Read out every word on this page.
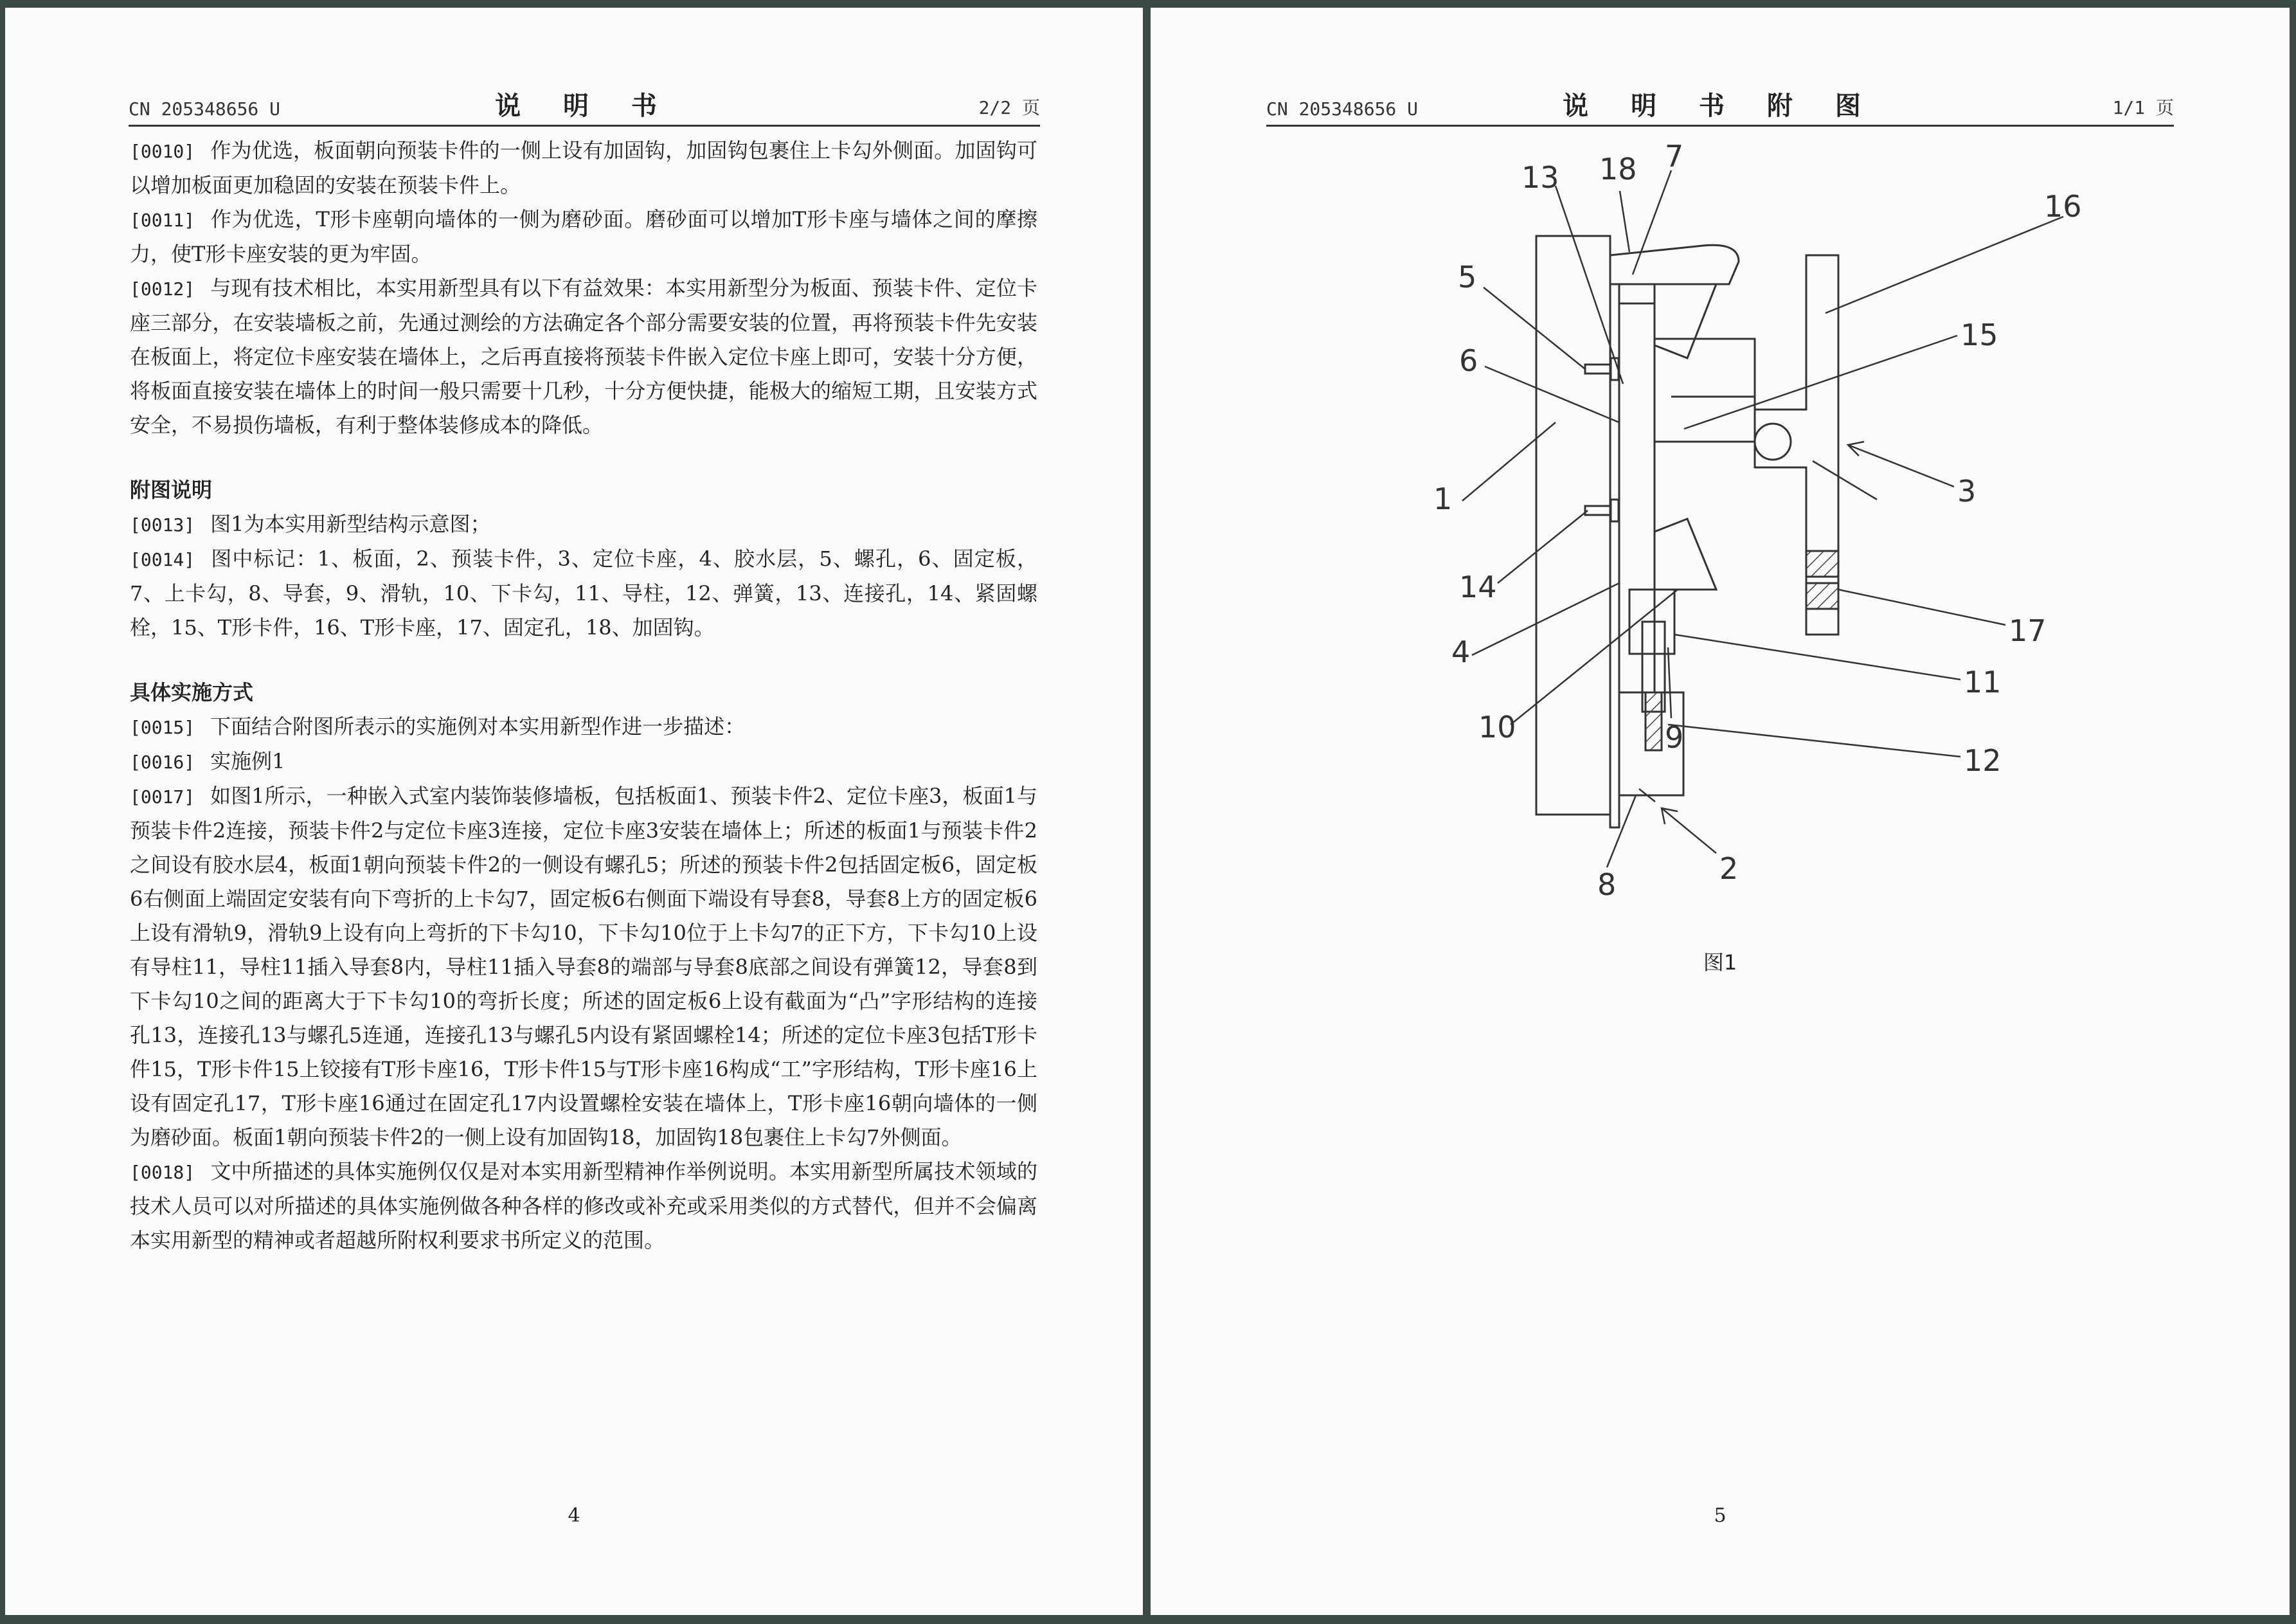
CN 205348656 U	说 明 书	2/2 页

[0010] 作为优选，板面朝向预装卡件的一侧上设有加固钩，加固钩包裹住上卡勾外侧面。加固钩可以增加板面更加稳固的安装在预装卡件上。

[0011] 作为优选，T形卡座朝向墙体的一侧为磨砂面。磨砂面可以增加T形卡座与墙体之间的摩擦力，使T形卡座安装的更为牢固。

[0012] 与现有技术相比，本实用新型具有以下有益效果：本实用新型分为板面、预装卡件、定位卡座三部分，在安装墙板之前，先通过测绘的方法确定各个部分需要安装的位置，再将预装卡件先安装在板面上，将定位卡座安装在墙体上，之后再直接将预装卡件嵌入定位卡座上即可，安装十分方便，将板面直接安装在墙体上的时间一般只需要十几秒，十分方便快捷，能极大的缩短工期，且安装方式安全，不易损伤墙板，有利于整体装修成本的降低。

附图说明

[0013] 图1为本实用新型结构示意图；

[0014] 图中标记：1、板面，2、预装卡件，3、定位卡座，4、胶水层，5、螺孔，6、固定板，7、上卡勾，8、导套，9、滑轨，10、下卡勾，11、导柱，12、弹簧，13、连接孔，14、紧固螺栓，15、T形卡件，16、T形卡座，17、固定孔，18、加固钩。

具体实施方式

[0015] 下面结合附图所表示的实施例对本实用新型作进一步描述：

[0016] 实施例1

[0017] 如图1所示，一种嵌入式室内装饰装修墙板，包括板面1、预装卡件2、定位卡座3，板面1与预装卡件2连接，预装卡件2与定位卡座3连接，定位卡座3安装在墙体上；所述的板面1与预装卡件2之间设有胶水层4，板面1朝向预装卡件2的一侧设有螺孔5；所述的预装卡件2包括固定板6，固定板6右侧面上端固定安装有向下弯折的上卡勾7，固定板6右侧面下端设有导套8，导套8上方的固定板6上设有滑轨9，滑轨9上设有向上弯折的下卡勾10，下卡勾10位于上卡勾7的正下方，下卡勾10上设有导柱11，导柱11插入导套8内，导柱11插入导套8的端部与导套8底部之间设有弹簧12，导套8到下卡勾10之间的距离大于下卡勾10的弯折长度；所述的固定板6上设有截面为“凸”字形结构的连接孔13，连接孔13与螺孔5连通，连接孔13与螺孔5内设有紧固螺栓14；所述的定位卡座3包括T形卡件15，T形卡件15上铰接有T形卡座16，T形卡件15与T形卡座16构成“工”字形结构，T形卡座16上设有固定孔17，T形卡座16通过在固定孔17内设置螺栓安装在墙体上，T形卡座16朝向墙体的一侧为磨砂面。板面1朝向预装卡件2的一侧上设有加固钩18，加固钩18包裹住上卡勾7外侧面。

[0018] 文中所描述的具体实施例仅仅是对本实用新型精神作举例说明。本实用新型所属技术领域的技术人员可以对所描述的具体实施例做各种各样的修改或补充或采用类似的方式替代，但并不会偏离本实用新型的精神或者超越所附权利要求书所定义的范围。

4
CN 205348656 U	说 明 书 附 图	1/1 页
1
2
3
4
5
6
7
8
9
10
11
12
13
14
15
16
17
18
图1
5
